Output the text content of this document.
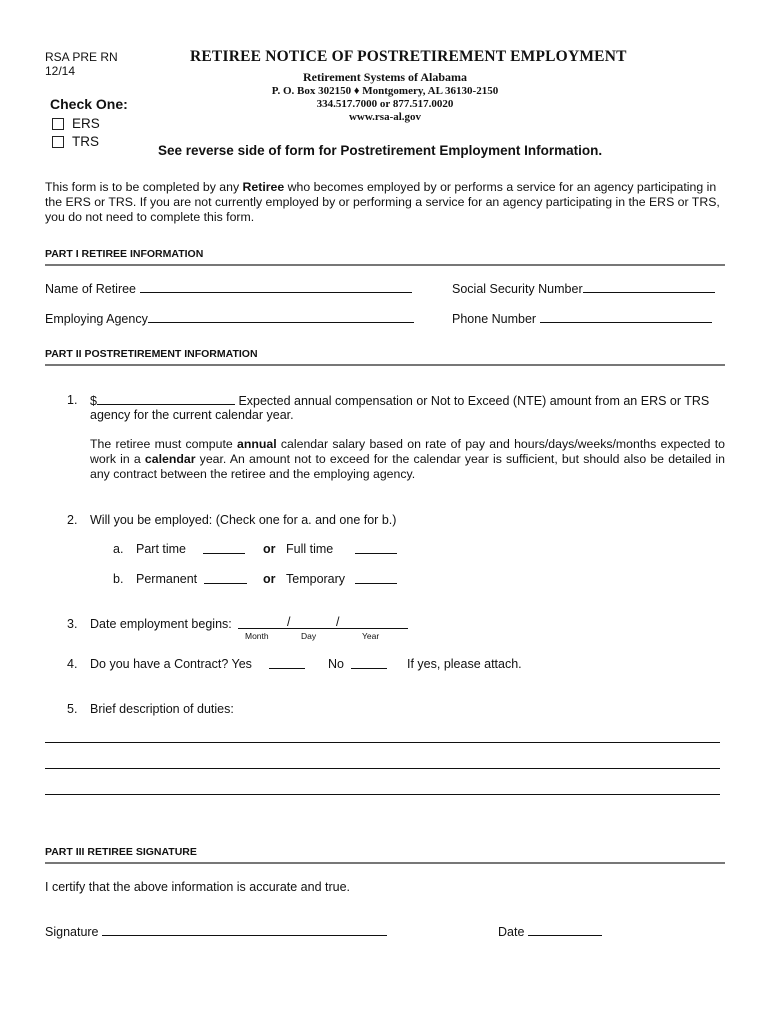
RSA PRE RN
12/14
RETIREE NOTICE OF POSTRETIREMENT EMPLOYMENT
Retirement Systems of Alabama
P. O. Box 302150 ♦ Montgomery, AL 36130-2150
334.517.7000 or 877.517.0020
www.rsa-al.gov
Check One:
ERS
TRS
See reverse side of form for Postretirement Employment Information.
This form is to be completed by any Retiree who becomes employed by or performs a service for an agency participating in the ERS or TRS. If you are not currently employed by or performing a service for an agency participating in the ERS or TRS, you do not need to complete this form.
PART I RETIREE INFORMATION
Name of Retiree	Social Security Number
Employing Agency	Phone Number
PART II POSTRETIREMENT INFORMATION
1. $	Expected annual compensation or Not to Exceed (NTE) amount from an ERS or TRS
agency for the current calendar year.
The retiree must compute annual calendar salary based on rate of pay and hours/days/weeks/months expected to work in a calendar year. An amount not to exceed for the calendar year is sufficient, but should also be detailed in any contract between the retiree and the employing agency.
2. Will you be employed: (Check one for a. and one for b.)
a. Part time	or Full time
b. Permanent	or Temporary
3. Date employment begins:	/	/
Month	Day	Year
4. Do you have a Contract? Yes	No	If yes, please attach.
5. Brief description of duties:
PART III RETIREE SIGNATURE
I certify that the above information is accurate and true.
Signature	Date
